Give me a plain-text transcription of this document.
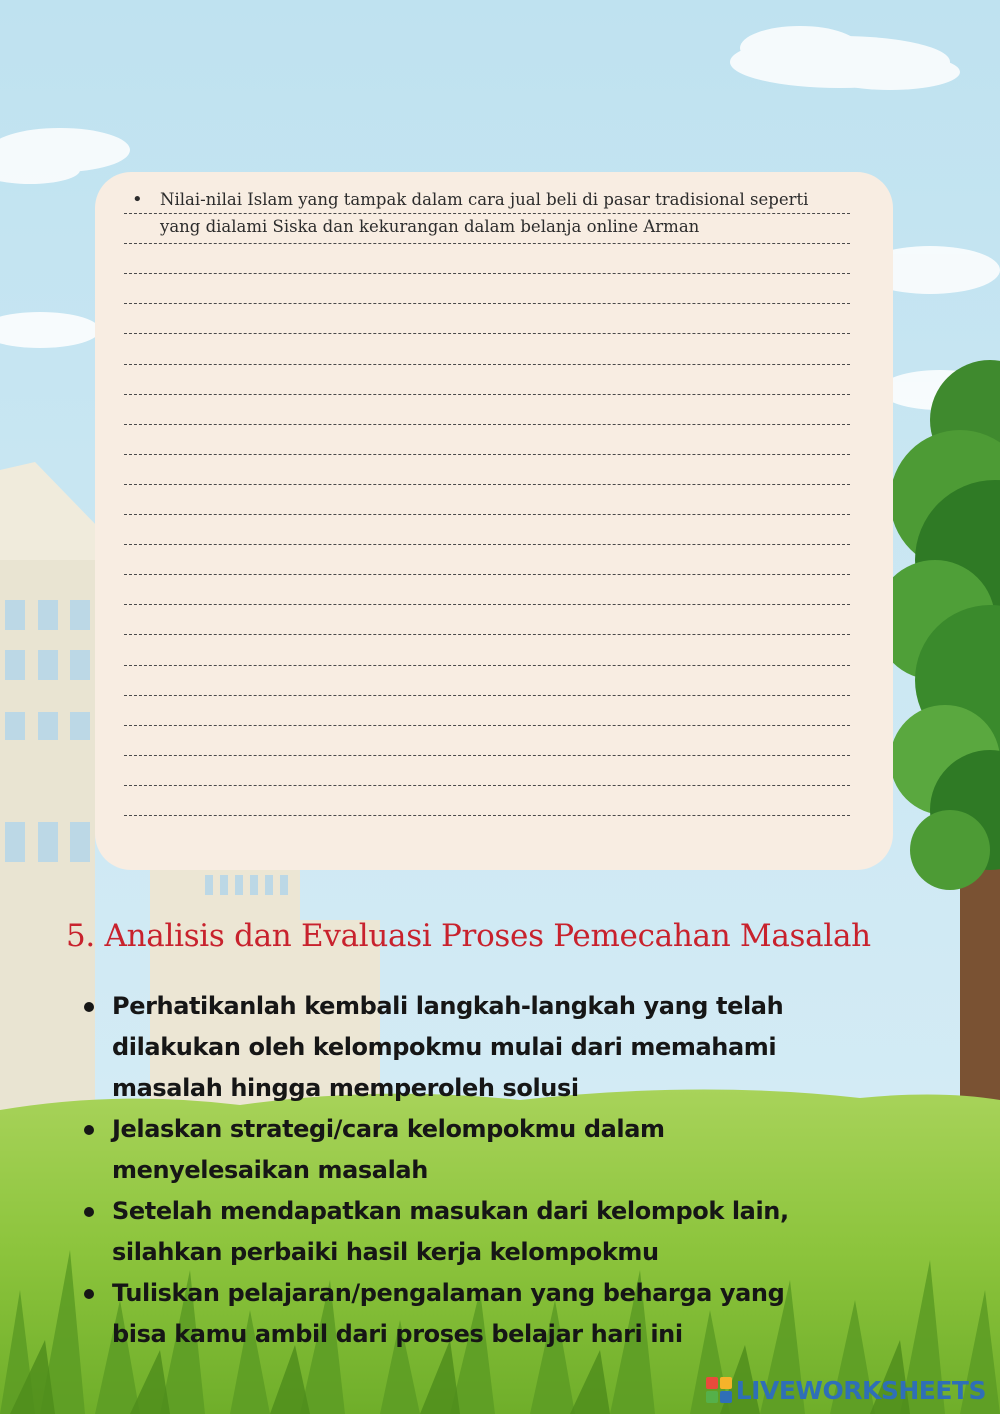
• Nilai-nilai Islam yang tampak dalam cara jual beli di pasar tradisional seperti yang dialami Siska dan kekurangan dalam belanja online Arman
5. Analisis dan Evaluasi Proses Pemecahan Masalah
Perhatikanlah kembali langkah-langkah yang telah dilakukan oleh kelompokmu mulai dari memahami masalah hingga memperoleh solusi
Jelaskan strategi/cara kelompokmu dalam menyelesaikan masalah
Setelah mendapatkan masukan dari kelompok lain, silahkan perbaiki hasil kerja kelompokmu
Tuliskan pelajaran/pengalaman yang beharga yang bisa kamu ambil dari proses belajar hari ini
LIVEWORKSHEETS
